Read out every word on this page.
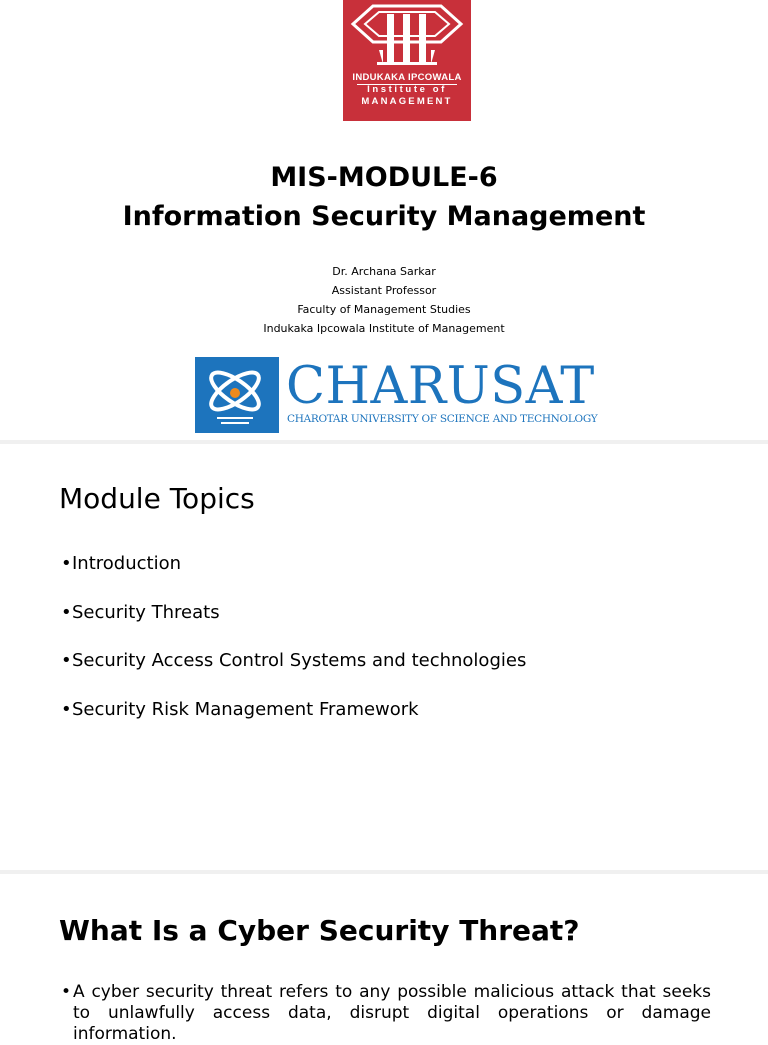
INDUKAKA IPCOWALA
Institute of
MANAGEMENT
MIS-MODULE-6
Information Security Management
Dr. Archana Sarkar
Assistant Professor
Faculty of Management Studies
Indukaka Ipcowala Institute of Management
CHARUSAT
CHAROTAR UNIVERSITY OF SCIENCE AND TECHNOLOGY
Module Topics
•Introduction
•Security Threats
•Security Access Control Systems and technologies
•Security Risk Management Framework
What Is a Cyber Security Threat?
• A cyber security threat refers to any possible malicious attack that seeks to unlawfully access data, disrupt digital operations or damage information.
